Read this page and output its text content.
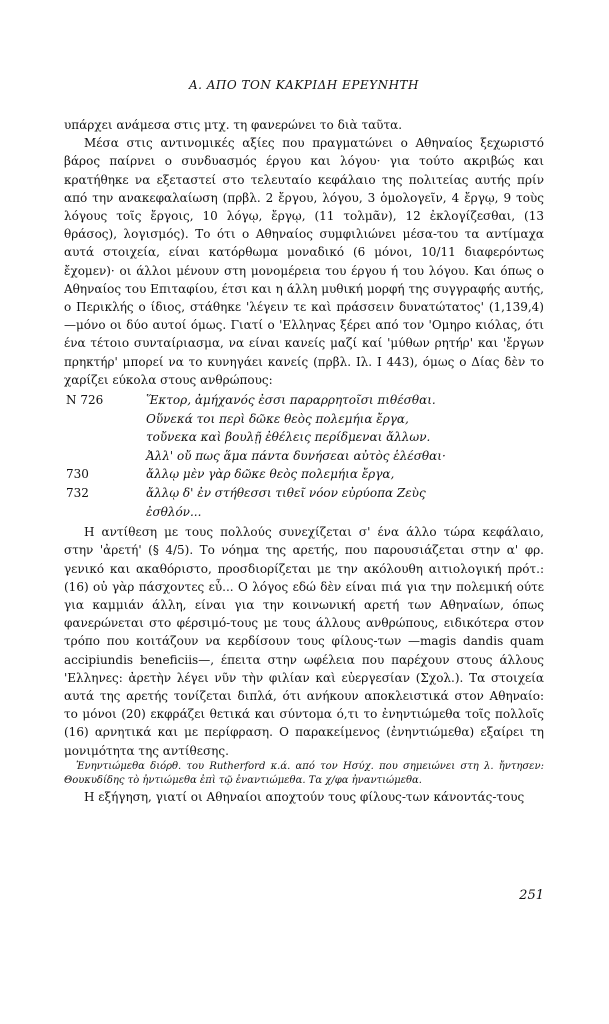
Α. ΑΠΟ ΤΟΝ ΚΑΚΡΙΔΗ ΕΡΕΥΝΗΤΗ

υπάρχει ανάμεσα στις μτχ. τη φανερώνει το διὰ ταῦτα.

Μέσα στις αντινομικές αξίες που πραγματώνει ο Αθηναίος ξεχωριστό βάρος παίρνει ο συνδυασμός έργου και λόγου· για τούτο ακριβώς και κρατήθηκε να εξεταστεί στο τελευταίο κεφάλαιο της πολιτείας αυτής πρίν από την ανακεφαλαίωση (πρβλ. 2 ἔργου, λόγου, 3 ὁμολογεῖν, 4 ἔργῳ, 9 τοὺς λόγους τοῖς ἔργοις, 10 λόγῳ, ἔργῳ, (11 τολμᾶν), 12 ἐκλογίζεσθαι, (13 θράσος), λογισμός). Το ότι ο Αθηναίος συμφιλιώνει μέσα-του τα αντίμαχα αυτά στοιχεία, είναι κατόρθωμα μοναδικό (6 μόνοι, 10/11 διαφερόντως ἔχομεν)· οι άλλοι μένουν στη μονομέρεια του έργου ή του λόγου. Και όπως ο Αθηναίος του Επιταφίου, έτσι και η άλλη μυθική μορφή της συγγραφής αυτής, ο Περικλής ο ίδιος, στάθηκε 'λέγειν τε καὶ πράσσειν δυνατώτατος' (1,139,4) —μόνο οι δύο αυτοί όμως. Γιατί ο 'Ελληνας ξέρει από τον 'Ομηρο κιόλας, ότι ένα τέτοιο συνταίριασμα, να είναι κανείς μαζί καί 'μύθων ρητήρ' και 'ἔργων πρηκτήρ' μπορεί να το κυνηγάει κανείς (πρβλ. Ιλ. I 443), όμως ο Δίας δὲν το χαρίζει εύκολα στους ανθρώπους:

N 726	Ἕκτορ, ἀμήχανός ἐσσι παραρρητοῖσι πιθέσθαι.
Οὕνεκά τοι περὶ δῶκε θεὸς πολεμήια ἔργα,
τοὔνεκα καὶ βουλῇ ἐθέλεις περίδμεναι ἄλλων.
Ἀλλ' οὔ πως ἅμα πάντα δυνήσεαι αὐτὸς ἑλέσθαι·
730	ἄλλῳ μὲν γὰρ δῶκε θεὸς πολεμήια ἔργα,
732	ἄλλῳ δ' ἐν στήθεσσι τιθεῖ νόον εὐρύοπα Ζεὺς
ἐσθλόν...

Η αντίθεση με τους πολλούς συνεχίζεται σ' ένα άλλο τώρα κεφάλαιο, στην 'ἀρετή' (§ 4/5). Το νόημα της αρετής, που παρουσιάζεται στην α' φρ. γενικό και ακαθόριστο, προσδιορίζεται με την ακόλουθη αιτιολογική πρότ.: (16) οὐ γὰρ πάσχοντες εὖ... Ο λόγος εδώ δὲν είναι πιά για την πολεμική ούτε για καμμιάν άλλη, είναι για την κοινωνική αρετή των Αθηναίων, όπως φανερώνεται στο φέρσιμό-τους με τους άλλους ανθρώπους, ειδικότερα στον τρόπο που κοιτάζουν να κερδίσουν τους φίλους-των —magis dandis quam accipiundis beneficiis—, έπειτα στην ωφέλεια που παρέχουν στους άλλους 'Ελληνες: ἀρετὴν λέγει νῦν τὴν φιλίαν καὶ εὐεργεσίαν (Σχολ.). Τα στοιχεία αυτά της αρετής τονίζεται διπλά, ότι ανήκουν αποκλειστικά στον Αθηναίο: το μόνοι (20) εκφράζει θετικά και σύντομα ό,τι το ἐνηντιώμεθα τοῖς πολλοῖς (16) αρνητικά και με περίφραση. Ο παρακείμενος (ἐνηντιώμεθα) εξαίρει τη μονιμότητα της αντίθεσης.

Ἐνηντιώμεθα διόρθ. του Rutherford κ.ά. από τον Ησύχ. που σημειώνει στη λ. ἤντησεν: Θουκυδίδης τὸ ἠντιώμεθα ἐπὶ τῷ ἐναντιώμεθα. Τα χ/φα ἠναντιώμεθα.

Η εξήγηση, γιατί οι Αθηναίοι αποχτούν τους φίλους-των κάνοντάς-τους

251
